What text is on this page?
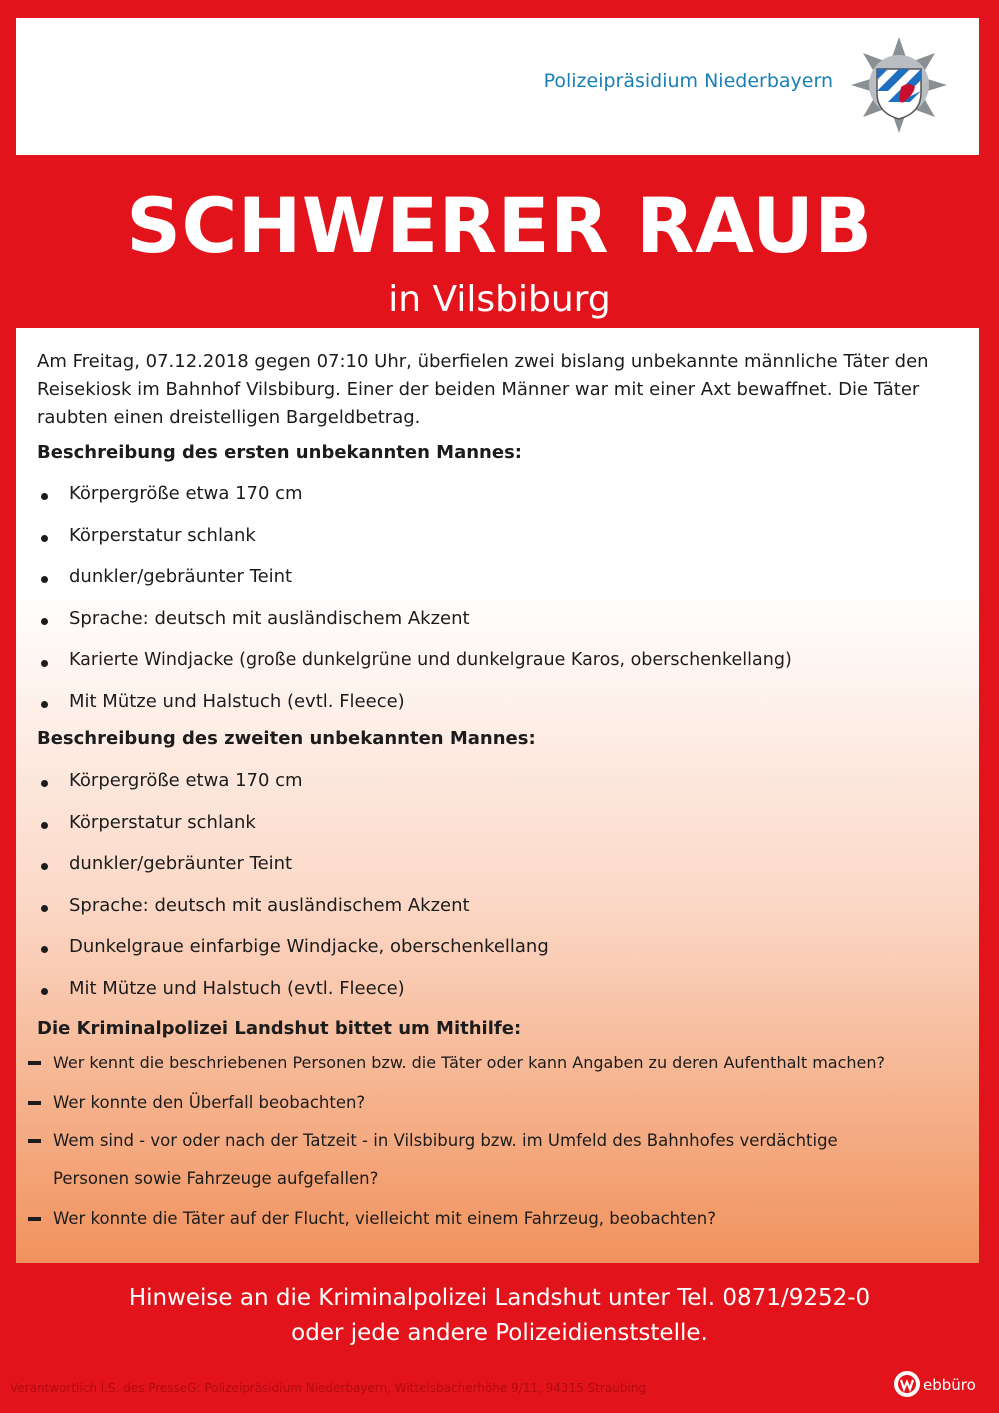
Polizeipräsidium Niederbayern
SCHWERER RAUB
in Vilsbiburg
Am Freitag, 07.12.2018 gegen 07:10 Uhr, überfielen zwei bislang unbekannte männliche Täter den Reisekiosk im Bahnhof Vilsbiburg. Einer der beiden Männer war mit einer Axt bewaffnet. Die Täter raubten einen dreistelligen Bargeldbetrag.
Beschreibung des ersten unbekannten Mannes:
Körpergröße etwa 170 cm
Körperstatur schlank
dunkler/gebräunter Teint
Sprache: deutsch mit ausländischem Akzent
Karierte Windjacke (große dunkelgrüne und dunkelgraue Karos, oberschenkellang)
Mit Mütze und Halstuch (evtl. Fleece)
Beschreibung des zweiten unbekannten Mannes:
Körpergröße etwa 170 cm
Körperstatur schlank
dunkler/gebräunter Teint
Sprache: deutsch mit ausländischem Akzent
Dunkelgraue einfarbige Windjacke, oberschenkellang
Mit Mütze und Halstuch (evtl. Fleece)
Die Kriminalpolizei Landshut bittet um Mithilfe:
Wer kennt die beschriebenen Personen bzw. die Täter oder kann Angaben zu deren Aufenthalt machen?
Wer konnte den Überfall beobachten?
Wem sind - vor oder nach der Tatzeit - in Vilsbiburg bzw. im Umfeld des Bahnhofes verdächtige
Personen sowie Fahrzeuge aufgefallen?
Wer konnte die Täter auf der Flucht, vielleicht mit einem Fahrzeug, beobachten?
Hinweise an die Kriminalpolizei Landshut unter Tel. 0871/9252-0
oder jede andere Polizeidienststelle.
Verantwortlich i.S. des PresseG: Polizeipräsidium Niederbayern, Wittelsbacherhöhe 9/11, 94315 Straubing	ebbüro
